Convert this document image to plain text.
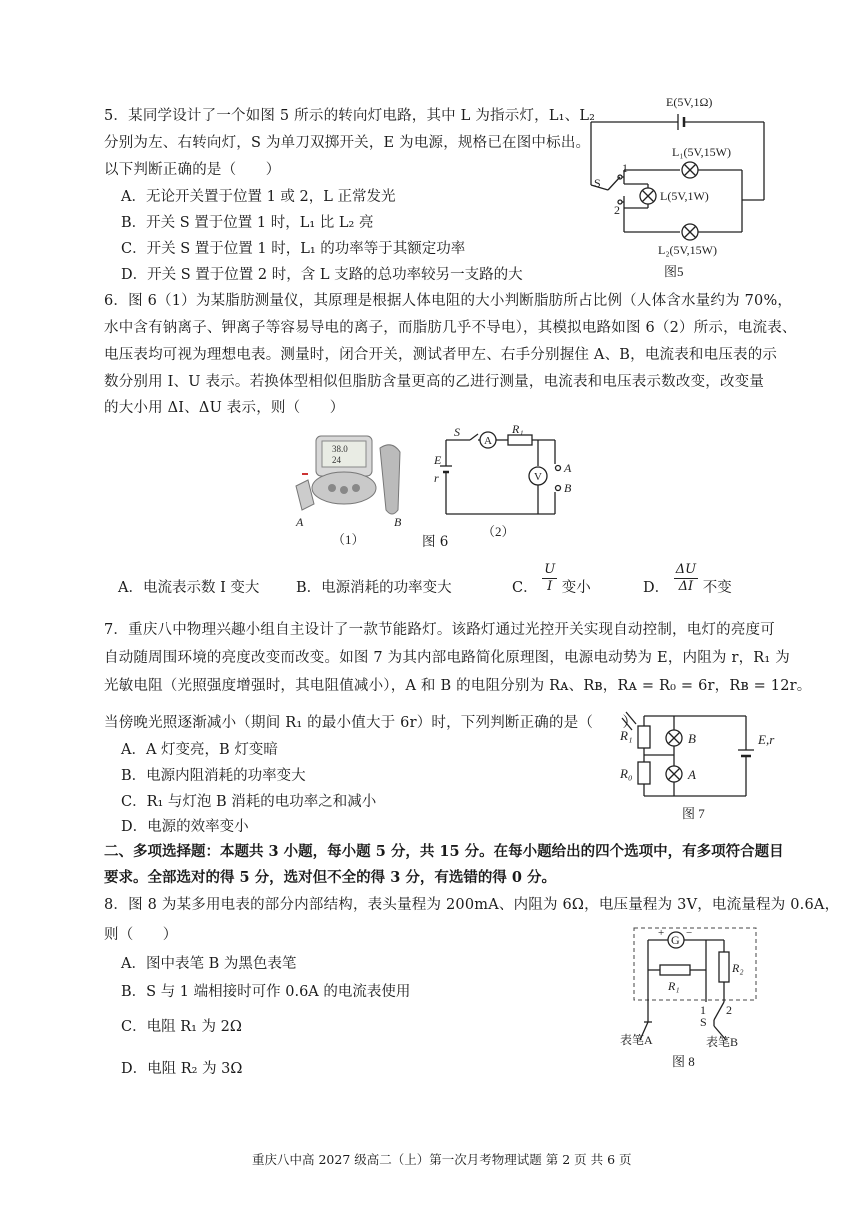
5．某同学设计了一个如图 5 所示的转向灯电路，其中 L 为指示灯，L₁、L₂
分别为左、右转向灯，S 为单刀双掷开关，E 为电源，规格已在图中标出。
以下判断正确的是（　　）
A．无论开关置于位置 1 或 2，L 正常发光
B．开关 S 置于位置 1 时，L₁ 比 L₂ 亮
C．开关 S 置于位置 1 时，L₁ 的功率等于其额定功率
D．开关 S 置于位置 2 时，含 L 支路的总功率较另一支路的大
E(5V,1Ω)
L₁(5V,15W)
L(5V,1W)
L₂(5V,15W)
S
1
2
图5
6．图 6（1）为某脂肪测量仪，其原理是根据人体电阻的大小判断脂肪所占比例（人体含水量约为 70%，
水中含有钠离子、钾离子等容易导电的离子，而脂肪几乎不导电），其模拟电路如图 6（2）所示，电流表、
电压表均可视为理想电表。测量时，闭合开关，测试者甲左、右手分别握住 A、B，电流表和电压表的示
数分别用 I、U 表示。若换体型相似但脂肪含量更高的乙进行测量，电流表和电压表示数改变，改变量
的大小用 ΔI、ΔU 表示，则（　　）
38.0
24
A	B
（1）
S
A
R₁
V
E
r
A
B
（2）
图 6
A．电流表示数 I 变大	B．电源消耗的功率变大	C． $\frac{U}{I}$ 变小	D． $\frac{\Delta U}{\Delta I}$ 不变
7．重庆八中物理兴趣小组自主设计了一款节能路灯。该路灯通过光控开关实现自动控制，电灯的亮度可
自动随周围环境的亮度改变而改变。如图 7 为其内部电路简化原理图，电源电动势为 E，内阻为 r，R₁ 为
光敏电阻（光照强度增强时，其电阻值减小），A 和 B 的电阻分别为 Rᴀ、Rʙ，Rᴀ = R₀ = 6r，Rʙ = 12r。
当傍晚光照逐渐减小（期间 R₁ 的最小值大于 6r）时，下列判断正确的是（　　）
A．A 灯变亮，B 灯变暗
B．电源内阻消耗的功率变大
C．R₁ 与灯泡 B 消耗的电功率之和减小
D．电源的效率变小
R₁
R₀
B
A
E,r
图 7
二、多项选择题：本题共 3 小题，每小题 5 分，共 15 分。在每小题给出的四个选项中，有多项符合题目
要求。全部选对的得 5 分，选对但不全的得 3 分，有选错的得 0 分。
8．图 8 为某多用电表的部分内部结构，表头量程为 200mA、内阻为 6Ω，电压量程为 3V，电流量程为 0.6A，
则（　　）
A．图中表笔 B 为黑色表笔
B．S 与 1 端相接时可作 0.6A 的电流表使用
C．电阻 R₁ 为 2Ω
D．电阻 R₂ 为 3Ω
G
+ −
R₁
R₂
1 2
S
表笔A	表笔B
图 8
重庆八中高 2027 级高二（上）第一次月考物理试题 第 2 页 共 6 页
